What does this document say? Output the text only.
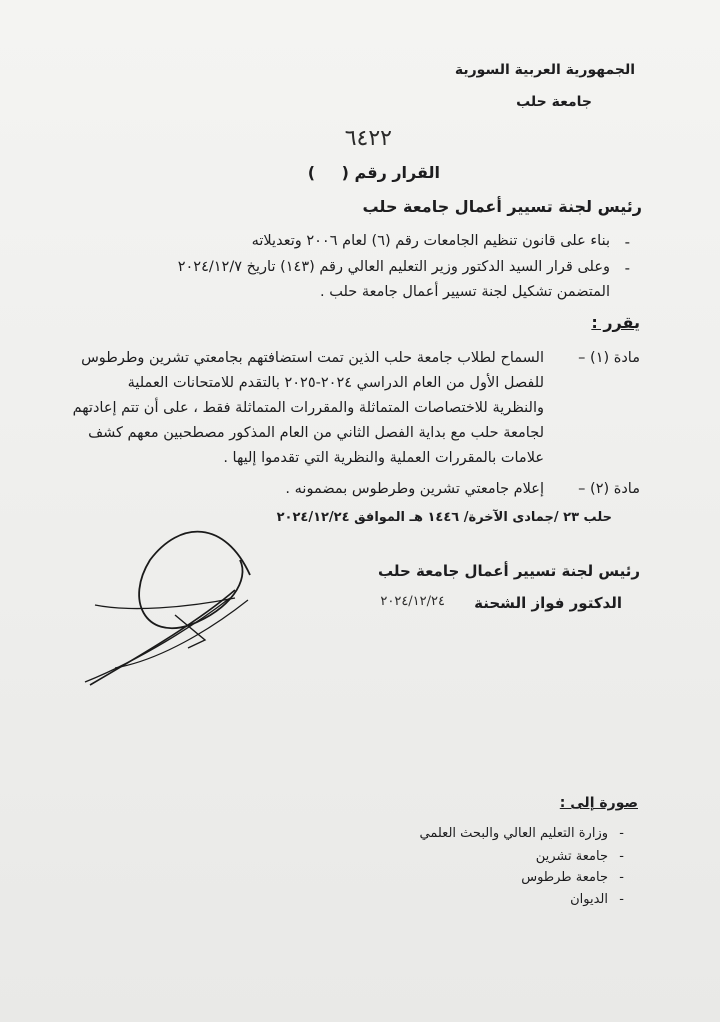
الجمهورية العربية السورية
جامعة حلب
٦٤٢٢
القرار رقم (
)
رئيس لجنة تسيير أعمال جامعة حلب
-
بناء على قانون تنظيم الجامعات رقم (٦) لعام ٢٠٠٦ وتعديلاته
-
وعلى قرار السيد الدكتور وزير التعليم العالي رقم (١٤٣) تاريخ ٢٠٢٤/١٢/٧
المتضمن تشكيل لجنة تسيير أعمال جامعة حلب .
يقرر :
مادة (١) –
السماح لطلاب جامعة حلب الذين تمت استضافتهم بجامعتي تشرين وطرطوس
للفصل الأول من العام الدراسي ٢٠٢٤-٢٠٢٥ بالتقدم للامتحانات العملية
والنظرية للاختصاصات المتماثلة والمقررات المتماثلة فقط ، على أن تتم إعادتهم
لجامعة حلب مع بداية الفصل الثاني من العام المذكور مصطحبين معهم كشف
علامات بالمقررات العملية والنظرية التي تقدموا إليها .
مادة (٢) –
إعلام جامعتي تشرين وطرطوس بمضمونه .
حلب ٢٣ /جمادى الآخرة/ ١٤٤٦ هـ الموافق ٢٠٢٤/١٢/٢٤
رئيس لجنة تسيير أعمال جامعة حلب
الدكتور فواز الشحنة
٢٠٢٤/١٢/٢٤
صورة إلى :
-
وزارة التعليم العالي والبحث العلمي
-
جامعة تشرين
-
جامعة طرطوس
-
الديوان
